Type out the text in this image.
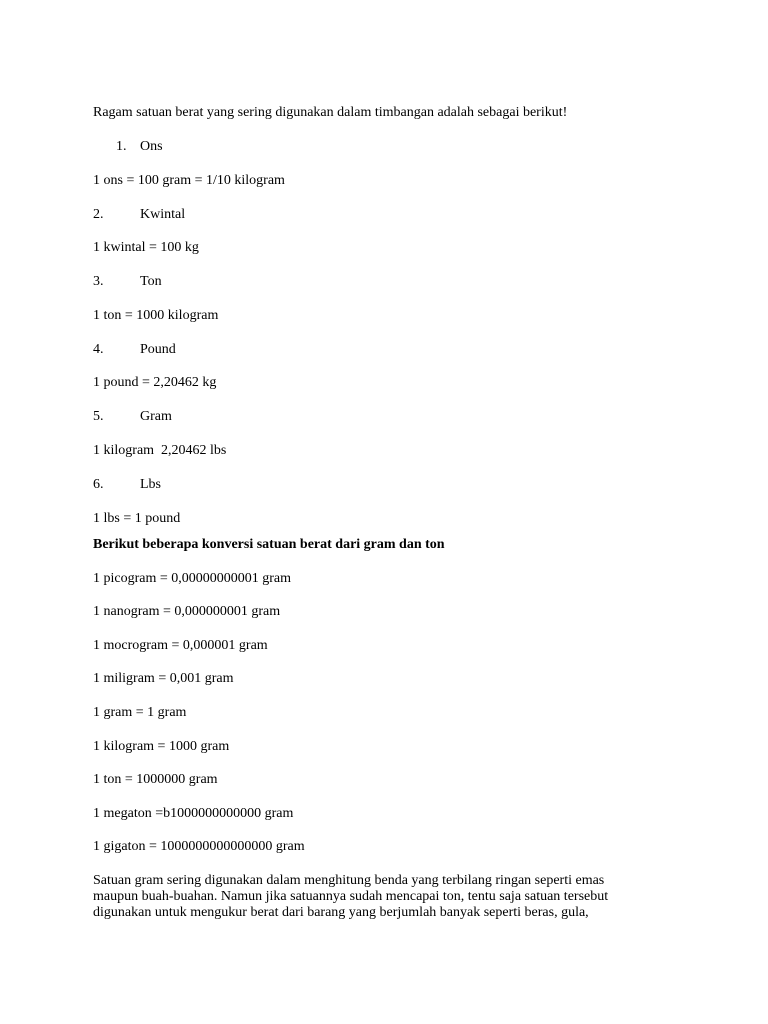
Ragam satuan berat yang sering digunakan dalam timbangan adalah sebagai berikut!
1. Ons
1 ons = 100 gram = 1/10 kilogram
2.	Kwintal
1 kwintal = 100 kg
3.	Ton
1 ton = 1000 kilogram
4.	Pound
1 pound = 2,20462 kg
5.	Gram
1 kilogram  2,20462 lbs
6.	Lbs
1 lbs = 1 pound
Berikut beberapa konversi satuan berat dari gram dan ton
1 picogram = 0,00000000001 gram
1 nanogram = 0,000000001 gram
1 mocrogram = 0,000001 gram
1 miligram = 0,001 gram
1 gram = 1 gram
1 kilogram = 1000 gram
1 ton = 1000000 gram
1 megaton =b1000000000000 gram
1 gigaton = 1000000000000000 gram
Satuan gram sering digunakan dalam menghitung benda yang terbilang ringan seperti emas
maupun buah-buahan. Namun jika satuannya sudah mencapai ton, tentu saja satuan tersebut
digunakan untuk mengukur berat dari barang yang berjumlah banyak seperti beras, gula,
